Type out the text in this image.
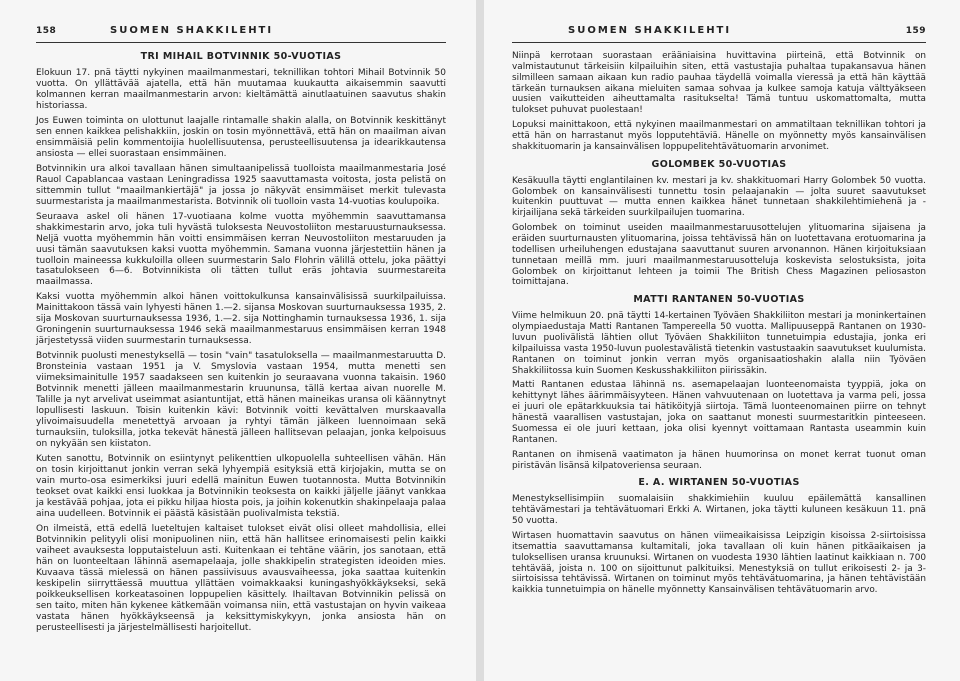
158	SUOMEN SHAKKILEHTI
TRI MIHAIL BOTVINNIK 50-VUOTIAS

Elokuun 17. pnä täytti nykyinen maailmanmestari, teknillikan tohtori Mihail Botvinnik 50 vuotta. On yllättävää ajatella, että hän muutamaa kuukautta aikaisemmin saavutti kolmannen kerran maailmanmestarin arvon: kieltämättä ainutlaatuinen saavutus shakin historiassa.

Jos Euwen toiminta on ulottunut laajalle rintamalle shakin alalla, on Botvinnik keskittänyt sen ennen kaikkea pelishakkiin, joskin on tosin myönnettävä, että hän on maailman aivan ensimmäisiä pelin kommentoijia huolellisuutensa, perusteellisuutensa ja idearikkautensa ansiosta — ellei suorastaan ensimmäinen.

Botvinnikin ura alkoi tavallaan hänen simultaanipelissä tuolloista maailmanmestaria José Rauol Capablancaa vastaan Leningradissa 1925 saavuttamasta voitosta, josta pelistä on sittemmin tullut "maailmankiertäjä" ja jossa jo näkyvät ensimmäiset merkit tulevasta suurmestarista ja maailmanmestarista. Botvinnik oli tuolloin vasta 14-vuotias koulupoika.

Seuraava askel oli hänen 17-vuotiaana kolme vuotta myöhemmin saavuttamansa shakkimestarin arvo, joka tuli hyvästä tuloksesta Neuvostoliiton mestaruusturnauksessa. Neljä vuotta myöhemmin hän voitti ensimmäisen kerran Neuvostoliiton mestaruuden ja uusi tämän saavutuksen kaksi vuotta myöhemmin. Samana vuonna järjestettiin hänen ja tuolloin maineessa kukkuloilla olleen suurmestarin Salo Flohrin välillä ottelu, joka päättyi tasatulokseen 6—6. Botvinnikista oli tätten tullut eräs johtavia suurmestareita maailmassa.

Kaksi vuotta myöhemmin alkoi hänen voittokulkunsa kansainvälisissä suurkilpailuissa. Mainittakoon tässä vain lyhyesti hänen 1.—2. sijansa Moskovan suurturnauksessa 1935, 2. sija Moskovan suurturnauksessa 1936, 1.—2. sija Nottinghamin turnauksessa 1936, 1. sija Groningenin suurturnauksessa 1946 sekä maailmanmestaruus ensimmäisen kerran 1948 järjestetyssä viiden suurmestarin turnauksessa.

Botvinnik puolusti menestyksellä — tosin "vain" tasatuloksella — maailmanmestaruutta D. Bronsteinia vastaan 1951 ja V. Smyslovia vastaan 1954, mutta menetti sen viimeksimainitulle 1957 saadakseen sen kuitenkin jo seuraavana vuonna takaisin. 1960 Botvinnik menetti jälleen maailmanmestarin kruununsa, tällä kertaa aivan nuorelle M. Talille ja nyt arvelivat useimmat asiantuntijat, että hänen maineikas uransa oli käännytnyt lopullisesti laskuun. Toisin kuitenkin kävi: Botvinnik voitti kevättalven murskaavalla ylivoimaisuudella menetettyä arvoaan ja ryhtyi tämän jälkeen luennoimaan sekä turnauksiin, tuloksilla, jotka tekevät hänestä jälleen hallitsevan pelaajan, jonka kelpoisuus on nykyään sen kiistaton.

Kuten sanottu, Botvinnik on esiintynyt pelikenttien ulkopuolella suhteellisen vähän. Hän on tosin kirjoittanut jonkin verran sekä lyhyempiä esityksiä että kirjojakin, mutta se on vain murto-osa esimerkiksi juuri edellä mainitun Euwen tuotannosta. Mutta Botvinnikin teokset ovat kaikki ensi luokkaa ja Botvinnikin teoksesta on kaikki jäljelle jäänyt vankkaa ja kestävää pohjaa, jota ei pikku hiljaa hiosta pois, ja joihin kokenutkin shakinpelaaja palaa aina uudelleen. Botvinnik ei päästä käsistään puolivalmista tekstiä.

On ilmeistä, että edellä lueteltujen kaltaiset tulokset eivät olisi olleet mahdollisia, ellei Botvinnikin pelityyli olisi monipuolinen niin, että hän hallitsee erinomaisesti pelin kaikki vaiheet avauksesta lopputaisteluun asti. Kuitenkaan ei tehtäne väärin, jos sanotaan, että hän on luonteeltaan lähinnä asemapelaaja, jolle shakkipelin strategisten ideoiden mies. Kuvaava tässä mielessä on hänen passiivisuus avausvaiheessa, joka saattaa kuitenkin keskipelin siirryttäessä muuttua yllättäen voimakkaaksi kuningashyökkäykseksi, sekä poikkeuksellisen korkeatasoinen loppupelien käsittely. Ihailtavan Botvinnikin pelissä on sen taito, miten hän kykenee kätkemään voimansa niin, että vastustajan on hyvin vaikeaa vastata hänen hyökkäykseensä ja keksittymiskykyyn, jonka ansiosta hän on perusteellisesti ja järjestelmällisesti harjoitellut.

SUOMEN SHAKKILEHTI	159

Niinpä kerrotaan suorastaan erääniaisina huvittavina piirteinä, että Botvinnik on valmistautunut tärkeisiin kilpailuihin siten, että vastustajia puhaltaa tupakansavua hänen silmilleen samaan aikaan kun radio pauhaa täydellä voimalla vieressä ja että hän käyttää tärkeän turnauksen aikana mieluiten samaa sohvaa ja kulkee samoja katuja välttyäkseen uusien vaikutteiden aiheuttamalta rasitukselta! Tämä tuntuu uskomattomalta, mutta tulokset puhuvat puolestaan!

Lopuksi mainittakoon, että nykyinen maailmanmestari on ammatiltaan teknillikan tohtori ja että hän on harrastanut myös lopputehtäviä. Hänelle on myönnetty myös kansainvälisen shakkituomarin ja kansainvälisen loppupelitehtävätuomarin arvonimet.

GOLOMBEK 50-VUOTIAS

Kesäkuulla täytti englantilainen kv. mestari ja kv. shakkituomari Harry Golombek 50 vuotta. Golombek on kansainvälisesti tunnettu tosin pelaajanakin — jolta suuret saavutukset kuitenkin puuttuvat — mutta ennen kaikkea hänet tunnetaan shakkilehtimiehenä ja -kirjailijana sekä tärkeiden suurkilpailujen tuomarina.

Golombek on toiminut useiden maailmanmestaruusottelujen ylituomarina sijaisena ja eräiden suurturnausten ylituomarina, joissa tehtävissä hän on luotettavana erotuomarina ja todellisen urheiluhengen edustajana saavuttanut suuren arvonannon. Hänen kirjoituksiaan tunnetaan meillä mm. juuri maailmanmestaruusotteluja koskevista selostuksista, joita Golombek on kirjoittanut lehteen ja toimii The British Chess Magazinen peliosaston toimittajana.

MATTI RANTANEN 50-VUOTIAS

Viime helmikuun 20. pnä täytti 14-kertainen Työväen Shakkiliiton mestari ja moninkertainen olympiaedustaja Matti Rantanen Tampereella 50 vuotta. Mallipuuseppä Rantanen on 1930-luvun puolivälistä lähtien ollut Työväen Shakkiliiton tunnetuimpia edustajia, jonka eri kilpailuissa vasta 1950-luvun puolestavälistä tietenkin vastustaakin saavutukset kuulumista. Rantanen on toiminut jonkin verran myös organisaatioshakin alalla niin Työväen Shakkiliitossa kuin Suomen Keskusshakkiliiton piirissäkin.

Matti Rantanen edustaa lähinnä ns. asemapelaajan luonteenomaista tyyppiä, joka on kehittynyt lähes äärimmäisyyteen. Hänen vahvuutenaan on luotettava ja varma peli, jossa ei juuri ole epätarkkuuksia tai hätiköityjä siirtoja. Tämä luonteenomainen piirre on tehnyt hänestä vaarallisen vastustajan, joka on saattanut monesti suurmestaritkin pinteeseen. Suomessa ei ole juuri kettaan, joka olisi kyennyt voittamaan Rantasta useammin kuin Rantanen.

Rantanen on ihmisenä vaatimaton ja hänen huumorinsa on monet kerrat tuonut oman piristävän lisänsä kilpatoveriensa seuraan.

E. A. WIRTANEN 50-VUOTIAS

Menestyksellisimpiin suomalaisiin shakkimiehiin kuuluu epäilemättä kansallinen tehtävämestari ja tehtävätuomari Erkki A. Wirtanen, joka täytti kuluneen kesäkuun 11. pnä 50 vuotta.

Wirtasen huomattavin saavutus on hänen viimeaikaisissa Leipzigin kisoissa 2-siirtoisissa itsemattia saavuttamansa kultamitali, joka tavallaan oli kuin hänen pitkäaikaisen ja tuloksellisen uransa kruunuksi. Wirtanen on vuodesta 1930 lähtien laatinut kaikkiaan n. 700 tehtävää, joista n. 100 on sijoittunut palkituiksi. Menestyksiä on tullut erikoisesti 2- ja 3-siirtoisissa tehtävissä. Wirtanen on toiminut myös tehtävätuomarina, ja hänen tehtävistään kaikkia tunnetuimpia on hänelle myönnetty Kansainvälisen tehtävätuomarin arvo.
